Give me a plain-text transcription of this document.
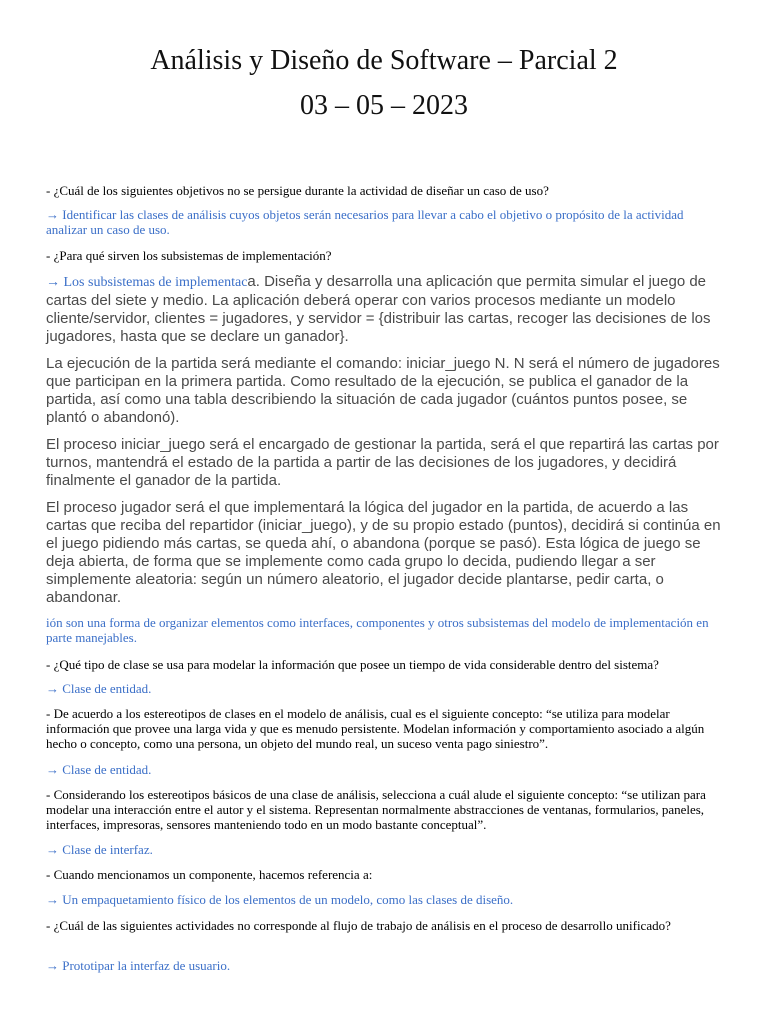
Análisis y Diseño de Software – Parcial 2
03 – 05 – 2023
- ¿Cuál de los siguientes objetivos no se persigue durante la actividad de diseñar un caso de uso?
→ Identificar las clases de análisis cuyos objetos serán necesarios para llevar a cabo el objetivo o propósito de la actividad analizar un caso de uso.
- ¿Para qué sirven los subsistemas de implementación?
→ Los subsistemas de implementaca. Diseña y desarrolla una aplicación que permita simular el juego de cartas del siete y medio. La aplicación deberá operar con varios procesos mediante un modelo cliente/servidor, clientes = jugadores, y servidor = {distribuir las cartas, recoger las decisiones de los jugadores, hasta que se declare un ganador}.
La ejecución de la partida será mediante el comando: iniciar_juego N. N será el número de jugadores que participan en la primera partida. Como resultado de la ejecución, se publica el ganador de la partida, así como una tabla describiendo la situación de cada jugador (cuántos puntos posee, se plantó o abandonó).
El proceso iniciar_juego será el encargado de gestionar la partida, será el que repartirá las cartas por turnos, mantendrá el estado de la partida a partir de las decisiones de los jugadores, y decidirá finalmente el ganador de la partida.
El proceso jugador será el que implementará la lógica del jugador en la partida, de acuerdo a las cartas que reciba del repartidor (iniciar_juego), y de su propio estado (puntos), decidirá si continúa en el juego pidiendo más cartas, se queda ahí, o abandona (porque se pasó). Esta lógica de juego se deja abierta, de forma que se implemente como cada grupo lo decida, pudiendo llegar a ser simplemente aleatoria: según un número aleatorio, el jugador decide plantarse, pedir carta, o abandonar.
ión son una forma de organizar elementos como interfaces, componentes y otros subsistemas del modelo de implementación en parte manejables.
- ¿Qué tipo de clase se usa para modelar la información que posee un tiempo de vida considerable dentro del sistema?
→ Clase de entidad.
- De acuerdo a los estereotipos de clases en el modelo de análisis, cual es el siguiente concepto: “se utiliza para modelar información que provee una larga vida y que es menudo persistente. Modelan información y comportamiento asociado a algún hecho o concepto, como una persona, un objeto del mundo real, un suceso venta pago siniestro”.
→ Clase de entidad.
- Considerando los estereotipos básicos de una clase de análisis, selecciona a cuál alude el siguiente concepto: “se utilizan para modelar una interacción entre el autor y el sistema. Representan normalmente abstracciones de ventanas, formularios, paneles, interfaces, impresoras, sensores manteniendo todo en un modo bastante conceptual”.
→ Clase de interfaz.
- Cuando mencionamos un componente, hacemos referencia a:
→ Un empaquetamiento físico de los elementos de un modelo, como las clases de diseño.
- ¿Cuál de las siguientes actividades no corresponde al flujo de trabajo de análisis en el proceso de desarrollo unificado?
→ Prototipar la interfaz de usuario.
